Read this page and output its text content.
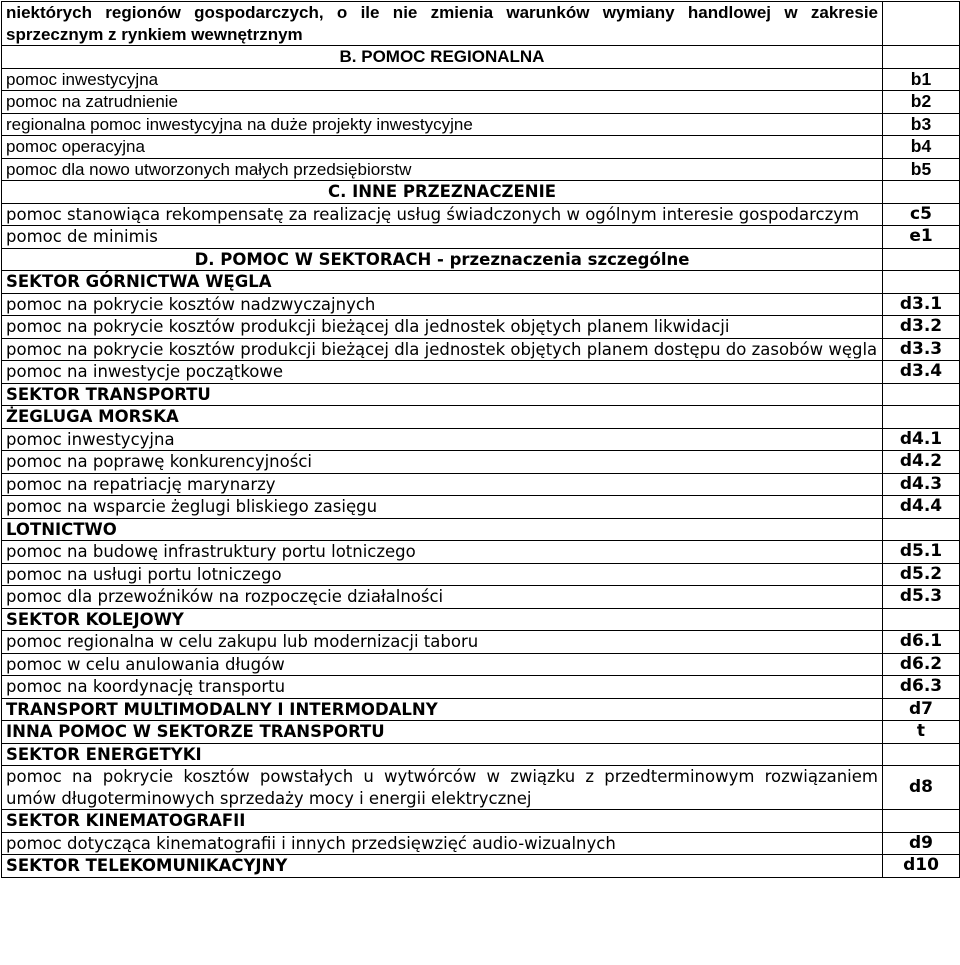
niektórych regionów gospodarczych, o ile nie zmienia warunków wymiany handlowej w zakresie sprzecznym z rynkiem wewnętrznym	
B. POMOC REGIONALNA	
pomoc inwestycyjna	b1
pomoc na zatrudnienie	b2
regionalna pomoc inwestycyjna na duże projekty inwestycyjne	b3
pomoc operacyjna	b4
pomoc dla nowo utworzonych małych przedsiębiorstw	b5
C. INNE PRZEZNACZENIE	
pomoc stanowiąca rekompensatę za realizację usług świadczonych w ogólnym interesie gospodarczym	c5
pomoc de minimis	e1
D. POMOC W SEKTORACH - przeznaczenia szczególne	
SEKTOR GÓRNICTWA WĘGLA	
pomoc na pokrycie kosztów nadzwyczajnych	d3.1
pomoc na pokrycie kosztów produkcji bieżącej dla jednostek objętych planem likwidacji	d3.2
pomoc na pokrycie kosztów produkcji bieżącej dla jednostek objętych planem dostępu do zasobów węgla	d3.3
pomoc na inwestycje początkowe	d3.4
SEKTOR TRANSPORTU	
ŻEGLUGA MORSKA	
pomoc inwestycyjna	d4.1
pomoc na poprawę konkurencyjności	d4.2
pomoc na repatriację marynarzy	d4.3
pomoc na wsparcie żeglugi bliskiego zasięgu	d4.4
LOTNICTWO	
pomoc na budowę infrastruktury portu lotniczego	d5.1
pomoc na usługi portu lotniczego	d5.2
pomoc dla przewoźników na rozpoczęcie działalności	d5.3
SEKTOR KOLEJOWY	
pomoc regionalna w celu zakupu lub modernizacji taboru	d6.1
pomoc w celu anulowania długów	d6.2
pomoc na koordynację transportu	d6.3
TRANSPORT MULTIMODALNY I INTERMODALNY	d7
INNA POMOC W SEKTORZE TRANSPORTU	t
SEKTOR ENERGETYKI	
pomoc na pokrycie kosztów powstałych u wytwórców w związku z przedterminowym rozwiązaniem umów długoterminowych sprzedaży mocy i energii elektrycznej	d8
SEKTOR KINEMATOGRAFII	
pomoc dotycząca kinematografii i innych przedsięwzięć audio-wizualnych	d9
SEKTOR TELEKOMUNIKACYJNY	d10
